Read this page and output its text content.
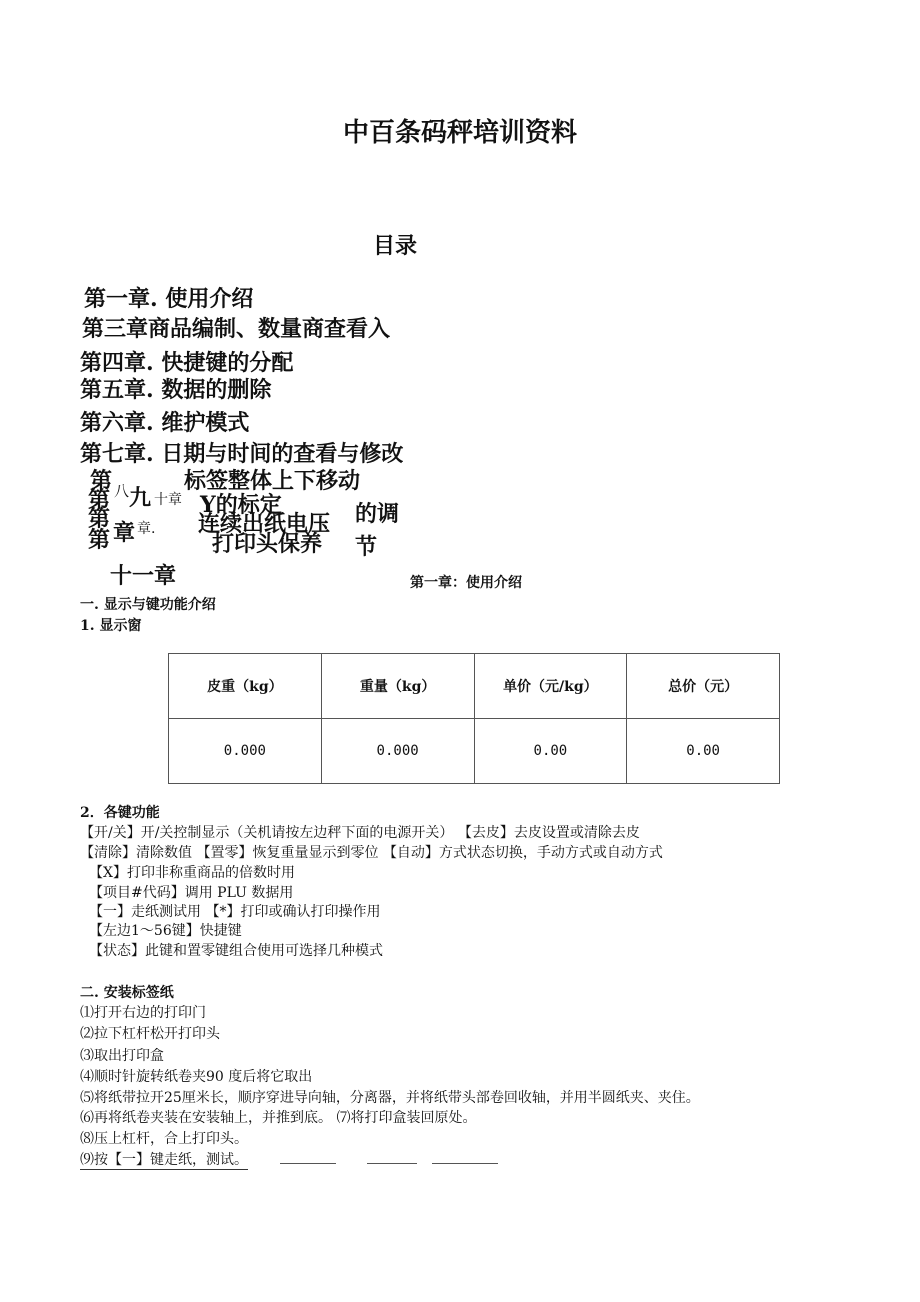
中百条码秤培训资料
目录
第一章. 使用介绍
第三章商品编制、数量商查看入
第四章. 快捷键的分配
第五章. 数据的删除
第六章. 维护模式
第七章. 日期与时间的查看与修改
第
第
第
第
八 九 十章
章 章.
标签整体上下移动
Y的标定
连续出纸电压 的调
打印头保养 节
十一章	第一章：使用介绍
一. 显示与键功能介绍
1. 显示窗
皮重（kg）	重量（kg）	单价（元/kg）	总价（元）
0.000	0.000	0.00	0.00
2．各键功能
【开/关】开/关控制显示（关机请按左边秤下面的电源开关） 【去皮】去皮设置或清除去皮
【清除】清除数值 【置零】恢复重量显示到零位 【自动】方式状态切换，手动方式或自动方式
【X】打印非称重商品的倍数时用
【项目#代码】调用 PLU 数据用
【一】走纸测试用 【*】打印或确认打印操作用
【左边1～56键】快捷键
【状态】此键和置零键组合使用可选择几种模式
二. 安装标签纸
⑴打开右边的打印门
⑵拉下杠杆松开打印头
⑶取出打印盒
⑷顺时针旋转纸卷夹90 度后将它取出
⑸将纸带拉开25厘米长，顺序穿进导向轴，分离器，并将纸带头部卷回收轴，并用半圆纸夹、夹住。
⑹再将纸卷夹装在安装轴上，并推到底。 ⑺将打印盒装回原处。
⑻压上杠杆，合上打印头。
⑼按【一】键走纸，测试。
